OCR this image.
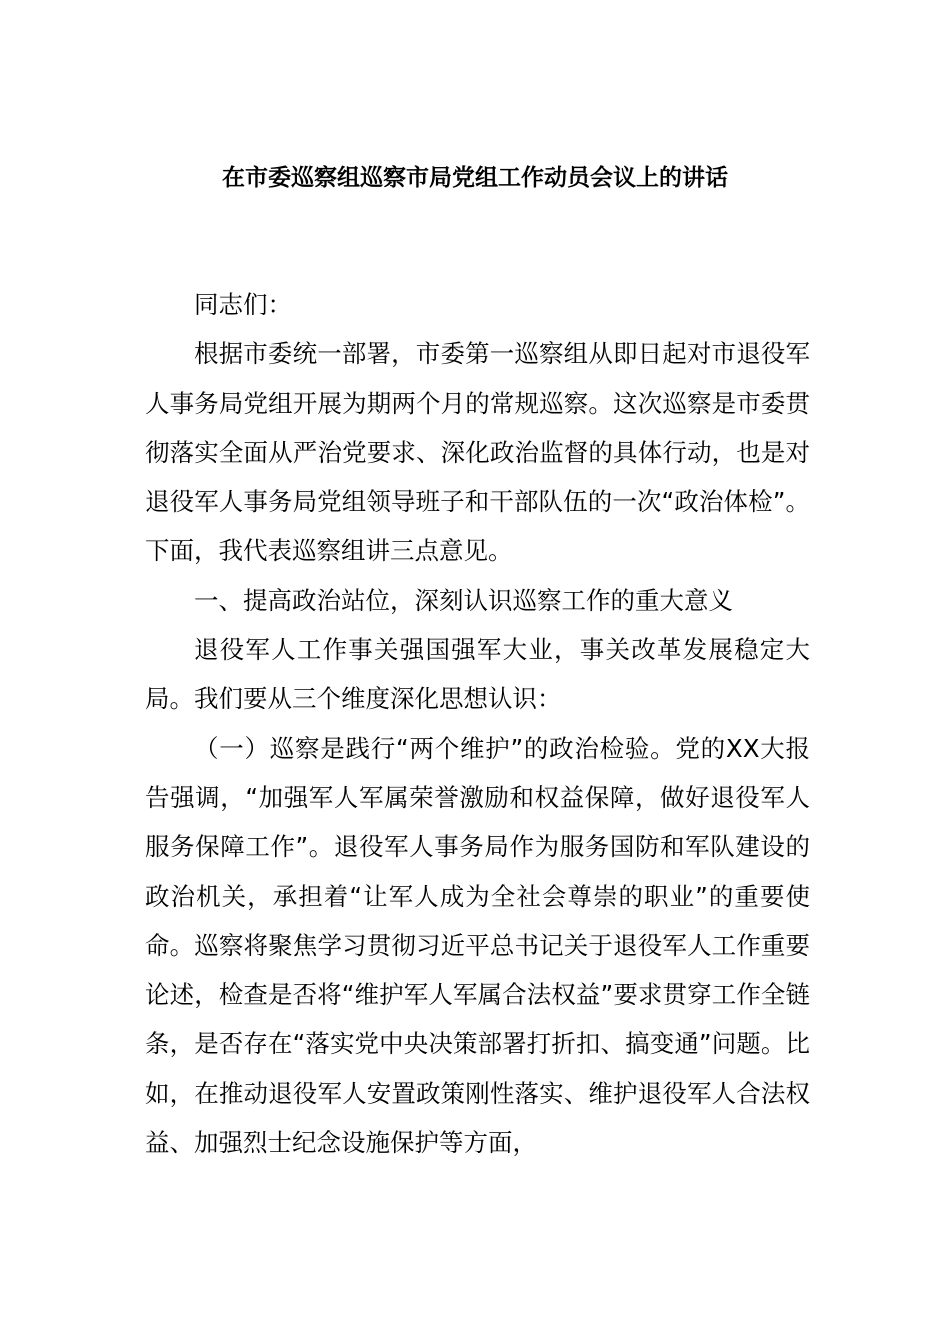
在市委巡察组巡察市局党组工作动员会议上的讲话

同志们：

根据市委统一部署，市委第一巡察组从即日起对市退役军人事务局党组开展为期两个月的常规巡察。这次巡察是市委贯彻落实全面从严治党要求、深化政治监督的具体行动，也是对退役军人事务局党组领导班子和干部队伍的一次“政治体检”。下面，我代表巡察组讲三点意见。

一、提高政治站位，深刻认识巡察工作的重大意义

退役军人工作事关强国强军大业，事关改革发展稳定大局。我们要从三个维度深化思想认识：

（一）巡察是践行“两个维护”的政治检验。党的XX大报告强调，“加强军人军属荣誉激励和权益保障，做好退役军人服务保障工作”。退役军人事务局作为服务国防和军队建设的政治机关，承担着“让军人成为全社会尊崇的职业”的重要使命。巡察将聚焦学习贯彻习近平总书记关于退役军人工作重要论述，检查是否将“维护军人军属合法权益”要求贯穿工作全链条，是否存在“落实党中央决策部署打折扣、搞变通”问题。比如，在推动退役军人安置政策刚性落实、维护退役军人合法权益、加强烈士纪念设施保护等方面，
